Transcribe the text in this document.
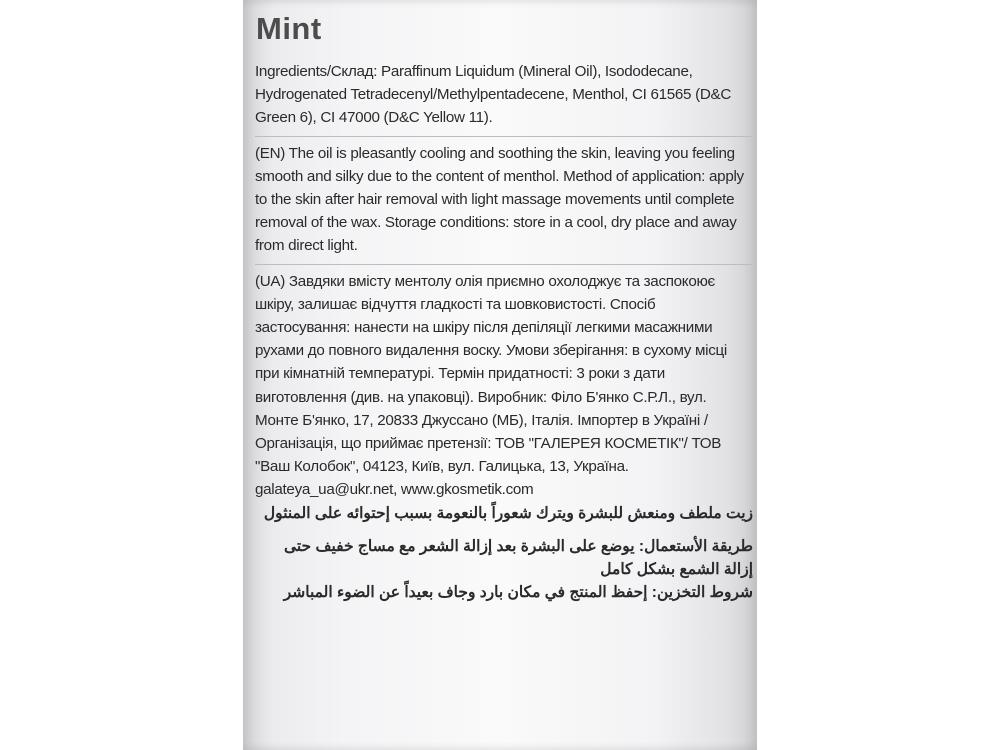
Mint

Ingredients/Склад: Paraffinum Liquidum (Mineral Oil), Isododecane, Hydrogenated Tetradecenyl/Methylpentadecene, Menthol, CI 61565 (D&C Green 6), CI 47000 (D&C Yellow 11).

(EN) The oil is pleasantly cooling and soothing the skin, leaving you feeling smooth and silky due to the content of menthol. Method of application: apply to the skin after hair removal with light massage movements until complete removal of the wax. Storage conditions: store in a cool, dry place and away from direct light.

(UA) Завдяки вмісту ментолу олія приємно охолоджує та заспокоює шкіру, залишає відчуття гладкості та шовковистості. Спосіб застосування: нанести на шкіру після депіляції легкими масажними рухами до повного видалення воску. Умови зберігання: в сухому місці при кімнатній температурі. Термін придатності: 3 роки з дати виготовлення (див. на упаковці). Виробник: Філо Б'янко С.Р.Л., вул. Монте Б'янко, 17, 20833 Джуссано (МБ), Італія. Імпортер в Україні / Організація, що приймає претензії: ТОВ "ГАЛЕРЕЯ КОСМЕТІК"/ ТОВ "Ваш Колобок", 04123, Київ, вул. Галицька, 13, Україна. galateya_ua@ukr.net, www.gkosmetik.com

زيت ملطف ومنعش للبشرة ويترك شعوراً بالنعومة بسبب إحتوائه على المنثول

طريقة الأستعمال: يوضع على البشرة بعد إزالة الشعر مع مساج خفيف حتى إزالة الشمع بشكل كامل

شروط التخزين: إحفظ المنتج في مكان بارد وجاف بعيداً عن الضوء المباشر
